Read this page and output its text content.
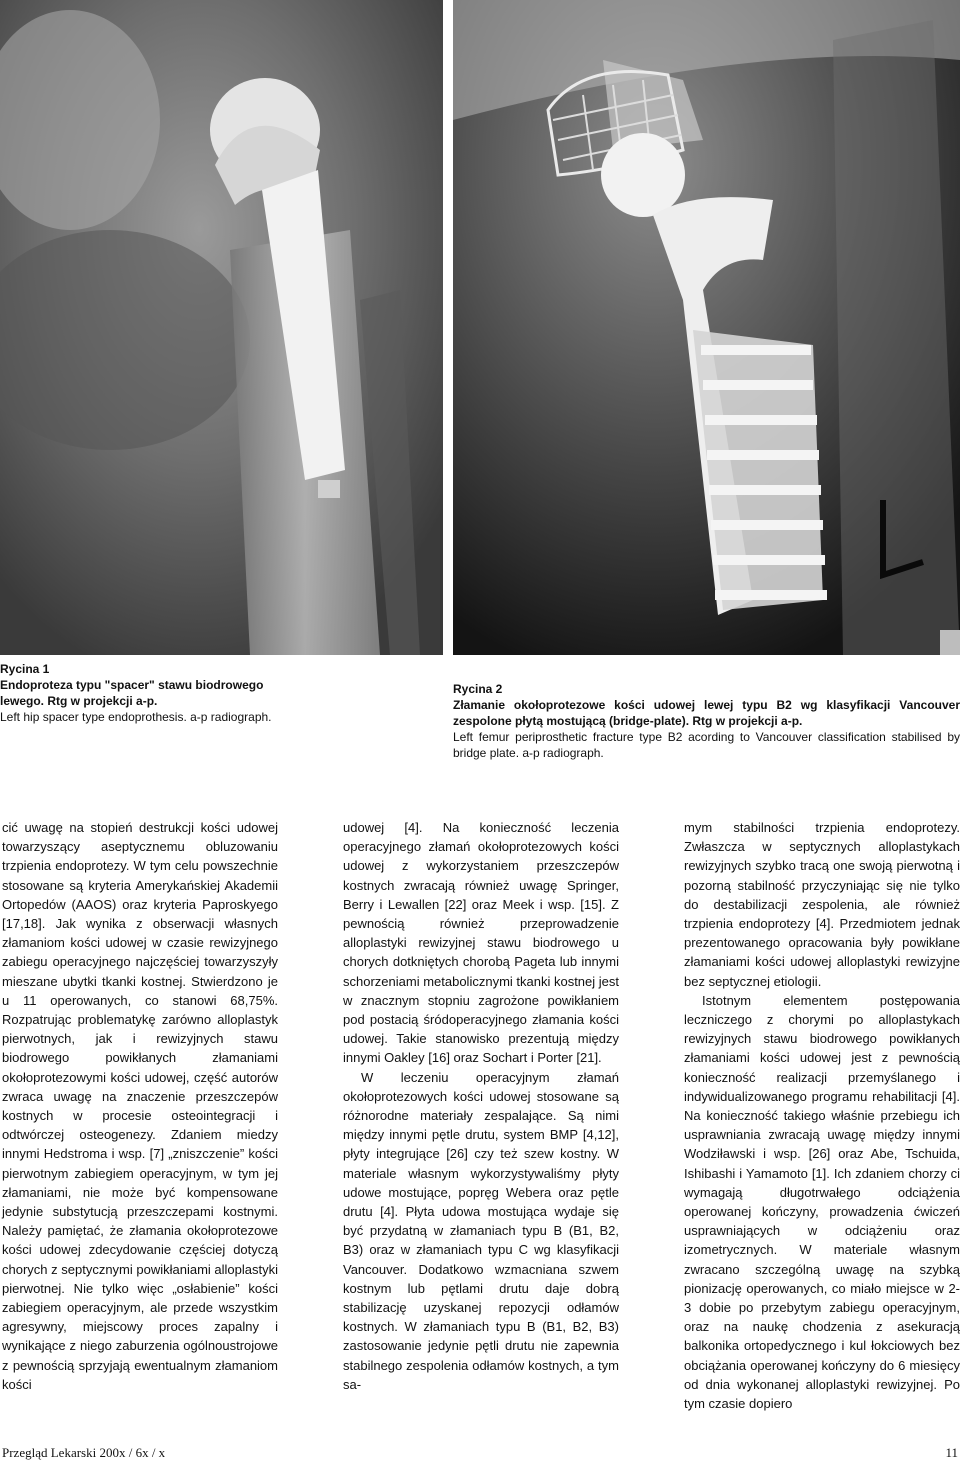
Rycina 1
Endoproteza typu "spacer" stawu biodrowego lewego. Rtg w projekcji a-p.
Left hip spacer type endoprothesis. a-p radiograph.
Rycina 2
Złamanie okołoprotezowe kości udowej lewej typu B2 wg klasyfikacji Vancouver zespolone płytą mostującą (bridge-plate). Rtg w projekcji a-p.
Left femur periprosthetic fracture type B2 acording to Vancouver classification stabilised by bridge plate. a-p radiograph.

cić uwagę na stopień destrukcji kości udowej towarzyszący aseptycznemu obluzowaniu trzpienia endoprotezy. W tym celu powszechnie stosowane są kryteria Amerykańskiej Akademii Ortopedów (AAOS) oraz kryteria Paproskyego [17,18]. Jak wynika z obserwacji własnych złamaniom kości udowej w czasie rewizyjnego zabiegu operacyjnego najczęściej towarzyszyły mieszane ubytki tkanki kostnej. Stwierdzono je u 11 operowanych, co stanowi 68,75%. Rozpatrując problematykę zarówno alloplastyk pierwotnych, jak i rewizyjnych stawu biodrowego powikłanych złamaniami okołoprotezowymi kości udowej, część autorów zwraca uwagę na znaczenie przeszczepów kostnych w procesie osteointegracji i odtwórczej osteogenezy. Zdaniem miedzy innymi Hedstroma i wsp. [7] „zniszczenie” kości pierwotnym zabiegiem operacyjnym, w tym jej złamaniami, nie może być kompensowane jedynie substytucją przeszczepami kostnymi. Należy pamiętać, że złamania okołoprotezowe kości udowej zdecydowanie częściej dotyczą chorych z septycznymi powikłaniami alloplastyki pierwotnej. Nie tylko więc „osłabienie” kości zabiegiem operacyjnym, ale przede wszystkim agresywny, miejscowy proces zapalny i wynikające z niego zaburzenia ogólnoustrojowe z pewnością sprzyjają ewentualnym złamaniom kości

udowej [4]. Na konieczność leczenia operacyjnego złamań okołoprotezowych kości udowej z wykorzystaniem przeszczepów kostnych zwracają również uwagę Springer, Berry i Lewallen [22] oraz Meek i wsp. [15]. Z pewnością również przeprowadzenie alloplastyki rewizyjnej stawu biodrowego u chorych dotkniętych chorobą Pageta lub innymi schorzeniami metabolicznymi tkanki kostnej jest w znacznym stopniu zagrożone powikłaniem pod postacią śródoperacyjnego złamania kości udowej. Takie stanowisko prezentują między innymi Oakley [16] oraz Sochart i Porter [21].

W leczeniu operacyjnym złamań okołoprotezowych kości udowej stosowane są różnorodne materiały zespalające. Są nimi między innymi pętle drutu, system BMP [4,12], płyty integrujące [26] czy też szew kostny. W materiale własnym wykorzystywaliśmy płyty udowe mostujące, popręg Webera oraz pętle drutu [4]. Płyta udowa mostująca wydaje się być przydatną w złamaniach typu B (B1, B2, B3) oraz w złamaniach typu C wg klasyfikacji Vancouver. Dodatkowo wzmacniana szwem kostnym lub pętlami drutu daje dobrą stabilizację uzyskanej repozycji odłamów kostnych. W złamaniach typu B (B1, B2, B3) zastosowanie jedynie pętli drutu nie zapewnia stabilnego zespolenia odłamów kostnych, a tym sa-

mym stabilności trzpienia endoprotezy. Zwłaszcza w septycznych alloplastykach rewizyjnych szybko tracą one swoją pierwotną i pozorną stabilność przyczyniając się nie tylko do destabilizacji zespolenia, ale również trzpienia endoprotezy [4]. Przedmiotem jednak prezentowanego opracowania były powikłane złamaniami kości udowej alloplastyki rewizyjne bez septycznej etiologii.

Istotnym elementem postępowania leczniczego z chorymi po alloplastykach rewizyjnych stawu biodrowego powikłanych złamaniami kości udowej jest z pewnością konieczność realizacji przemyślanego i indywidualizowanego programu rehabilitacji [4]. Na konieczność takiego właśnie przebiegu ich usprawniania zwracają uwagę między innymi Wodziławski i wsp. [26] oraz Abe, Tschuida, Ishibashi i Yamamoto [1]. Ich zdaniem chorzy ci wymagają długotrwałego odciążenia operowanej kończyny, prowadzenia ćwiczeń usprawniających w odciążeniu oraz izometrycznych. W materiale własnym zwracano szczególną uwagę na szybką pionizację operowanych, co miało miejsce w 2-3 dobie po przebytym zabiegu operacyjnym, oraz na naukę chodzenia z asekuracją balkonika ortopedycznego i kul łokciowych bez obciążania operowanej kończyny do 6 miesięcy od dnia wykonanej alloplastyki rewizyjnej. Po tym czasie dopiero

Przegląd Lekarski 200x / 6x / x	11
